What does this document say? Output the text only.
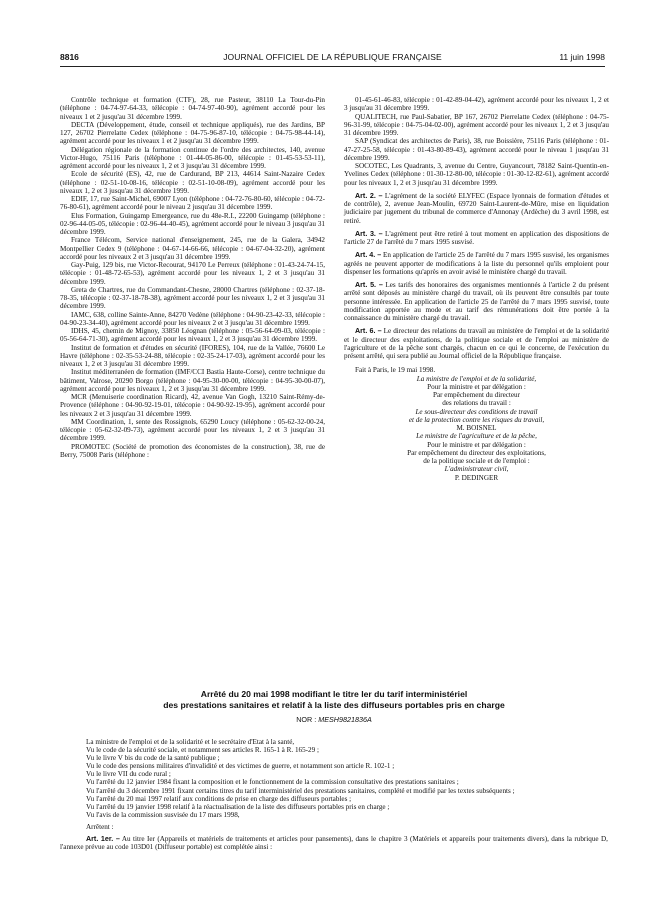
8816	JOURNAL OFFICIEL DE LA RÉPUBLIQUE FRANÇAISE	11 juin 1998

Contrôle technique et formation (CTF), 28, rue Pasteur, 38110 La Tour-du-Pin (téléphone : 04-74-97-64-33, télécopie : 04-74-97-40-90), agrément accordé pour les niveaux 1 et 2 jusqu'au 31 décembre 1999.

DECTA (Développement, étude, conseil et technique appliqués), rue des Jardins, BP 127, 26702 Pierrelatte Cedex (téléphone : 04-75-96-87-10, télécopie : 04-75-98-44-14), agrément accordé pour les niveaux 1 et 2 jusqu'au 31 décembre 1999.

Délégation régionale de la formation continue de l'ordre des architectes, 140, avenue Victor-Hugo, 75116 Paris (téléphone : 01-44-05-86-00, télécopie : 01-45-53-53-11), agrément accordé pour les niveaux 1, 2 et 3 jusqu'au 31 décembre 1999.

Ecole de sécurité (ES), 42, rue de Cardurand, BP 213, 44614 Saint-Nazaire Cedex (téléphone : 02-51-10-08-16, télécopie : 02-51-10-08-09), agrément accordé pour les niveaux 1, 2 et 3 jusqu'au 31 décembre 1999.

EDIF, 17, rue Saint-Michel, 69007 Lyon (téléphone : 04-72-76-80-60, télécopie : 04-72-76-80-61), agrément accordé pour le niveau 2 jusqu'au 31 décembre 1999.

Elus Formation, Guingamp Emergeance, rue du 48e-R.I., 22200 Guingamp (téléphone : 02-96-44-05-05, télécopie : 02-96-44-40-45), agrément accordé pour le niveau 3 jusqu'au 31 décembre 1999.

France Télécom, Service national d'enseignement, 245, rue de la Galera, 34942 Montpellier Cedex 9 (téléphone : 04-67-14-66-66, télécopie : 04-67-04-32-20), agrément accordé pour les niveaux 2 et 3 jusqu'au 31 décembre 1999.

Gay-Puig, 129 bis, rue Victor-Recourat, 94170 Le Perreux (téléphone : 01-43-24-74-15, télécopie : 01-48-72-65-53), agrément accordé pour les niveaux 1, 2 et 3 jusqu'au 31 décembre 1999.

Greta de Chartres, rue du Commandant-Chesne, 28000 Chartres (téléphone : 02-37-18-78-35, télécopie : 02-37-18-78-38), agrément accordé pour les niveaux 1, 2 et 3 jusqu'au 31 décembre 1999.

IAMC, 638, colline Sainte-Anne, 84270 Vedène (téléphone : 04-90-23-42-33, télécopie : 04-90-23-34-40), agrément accordé pour les niveaux 2 et 3 jusqu'au 31 décembre 1999.

IDHS, 45, chemin de Mignoy, 33850 Léognan (téléphone : 05-56-64-09-03, télécopie : 05-56-64-71-30), agrément accordé pour les niveaux 1, 2 et 3 jusqu'au 31 décembre 1999.

Institut de formation et d'études en sécurité (IFORES), 104, rue de la Vallée, 76600 Le Havre (téléphone : 02-35-53-24-88, télécopie : 02-35-24-17-03), agrément accordé pour les niveaux 1, 2 et 3 jusqu'au 31 décembre 1999.

Institut méditerranéen de formation (IMF/CCI Bastia Haute-Corse), centre technique du bâtiment, Valrose, 20290 Borgo (téléphone : 04-95-30-00-00, télécopie : 04-95-30-00-07), agrément accordé pour les niveaux 1, 2 et 3 jusqu'au 31 décembre 1999.

MCR (Menuiserie coordination Ricard), 42, avenue Van Gogh, 13210 Saint-Rémy-de-Provence (téléphone : 04-90-92-19-01, télécopie : 04-90-92-19-95), agrément accordé pour les niveaux 2 et 3 jusqu'au 31 décembre 1999.

MM Coordination, 1, sente des Rossignols, 65290 Loucy (téléphone : 05-62-32-00-24, télécopie : 05-62-32-09-73), agrément accordé pour les niveaux 1, 2 et 3 jusqu'au 31 décembre 1999.

PROMOTEC (Société de promotion des économistes de la construction), 38, rue de Berry, 75008 Paris (téléphone :

01-45-61-46-83, télécopie : 01-42-89-04-42), agrément accordé pour les niveaux 1, 2 et 3 jusqu'au 31 décembre 1999.

QUALITECH, rue Paul-Sabatier, BP 167, 26702 Pierrelatte Cedex (téléphone : 04-75-96-31-99, télécopie : 04-75-04-02-00), agrément accordé pour les niveaux 1, 2 et 3 jusqu'au 31 décembre 1999.

SAP (Syndicat des architectes de Paris), 38, rue Boissière, 75116 Paris (téléphone : 01-47-27-25-58, télécopie : 01-43-80-89-43), agrément accordé pour le niveau 1 jusqu'au 31 décembre 1999.

SOCOTEC, Les Quadrants, 3, avenue du Centre, Guyancourt, 78182 Saint-Quentin-en-Yvelines Cedex (téléphone : 01-30-12-80-00, télécopie : 01-30-12-82-61), agrément accordé pour les niveaux 1, 2 et 3 jusqu'au 31 décembre 1999.

Art. 2. – L'agrément de la société ELYFEC (Espace lyonnais de formation d'études et de contrôle), 2, avenue Jean-Moulin, 69720 Saint-Laurent-de-Mûre, mise en liquidation judiciaire par jugement du tribunal de commerce d'Annonay (Ardèche) du 3 avril 1998, est retiré.

Art. 3. – L'agrément peut être retiré à tout moment en application des dispositions de l'article 27 de l'arrêté du 7 mars 1995 susvisé.

Art. 4. – En application de l'article 25 de l'arrêté du 7 mars 1995 susvisé, les organismes agréés ne peuvent apporter de modifications à la liste du personnel qu'ils emploient pour dispenser les formations qu'après en avoir avisé le ministère chargé du travail.

Art. 5. – Les tarifs des honoraires des organismes mentionnés à l'article 2 du présent arrêté sont déposés au ministère chargé du travail, où ils peuvent être consultés par toute personne intéressée. En application de l'article 25 de l'arrêté du 7 mars 1995 susvisé, toute modification apportée au mode et au tarif des rémunérations doit être portée à la connaissance du ministère chargé du travail.

Art. 6. – Le directeur des relations du travail au ministère de l'emploi et de la solidarité et le directeur des exploitations, de la politique sociale et de l'emploi au ministère de l'agriculture et de la pêche sont chargés, chacun en ce qui le concerne, de l'exécution du présent arrêté, qui sera publié au Journal officiel de la République française.

Fait à Paris, le 19 mai 1998.

La ministre de l'emploi et de la solidarité,
Pour la ministre et par délégation :
Par empêchement du directeur
des relations du travail :
Le sous-directeur des conditions de travail
et de la protection contre les risques du travail,
M. BOISNEL
Le ministre de l'agriculture et de la pêche,
Pour le ministre et par délégation :
Par empêchement du directeur des exploitations,
de la politique sociale et de l'emploi :
L'administrateur civil,
P. DEDINGER
Arrêté du 20 mai 1998 modifiant le titre Ier du tarif interministériel
des prestations sanitaires et relatif à la liste des diffuseurs portables pris en charge
NOR : MESH9821836A

La ministre de l'emploi et de la solidarité et le secrétaire d'Etat à la santé,

Vu le code de la sécurité sociale, et notamment ses articles R. 165-1 à R. 165-29 ;

Vu le livre V bis du code de la santé publique ;

Vu le code des pensions militaires d'invalidité et des victimes de guerre, et notamment son article R. 102-1 ;

Vu le livre VII du code rural ;

Vu l'arrêté du 12 janvier 1984 fixant la composition et le fonctionnement de la commission consultative des prestations sanitaires ;

Vu l'arrêté du 3 décembre 1991 fixant certains titres du tarif interministériel des prestations sanitaires, complété et modifié par les textes subséquents ;

Vu l'arrêté du 20 mai 1997 relatif aux conditions de prise en charge des diffuseurs portables ;

Vu l'arrêté du 19 janvier 1998 relatif à la réactualisation de la liste des diffuseurs portables pris en charge ;

Vu l'avis de la commission susvisée du 17 mars 1998,

Arrêtent :

Art. 1er. – Au titre Ier (Appareils et matériels de traitements et articles pour pansements), dans le chapitre 3 (Matériels et appareils pour traitements divers), dans la rubrique D, l'annexe prévue au code 103D01 (Diffuseur portable) est complétée ainsi :
